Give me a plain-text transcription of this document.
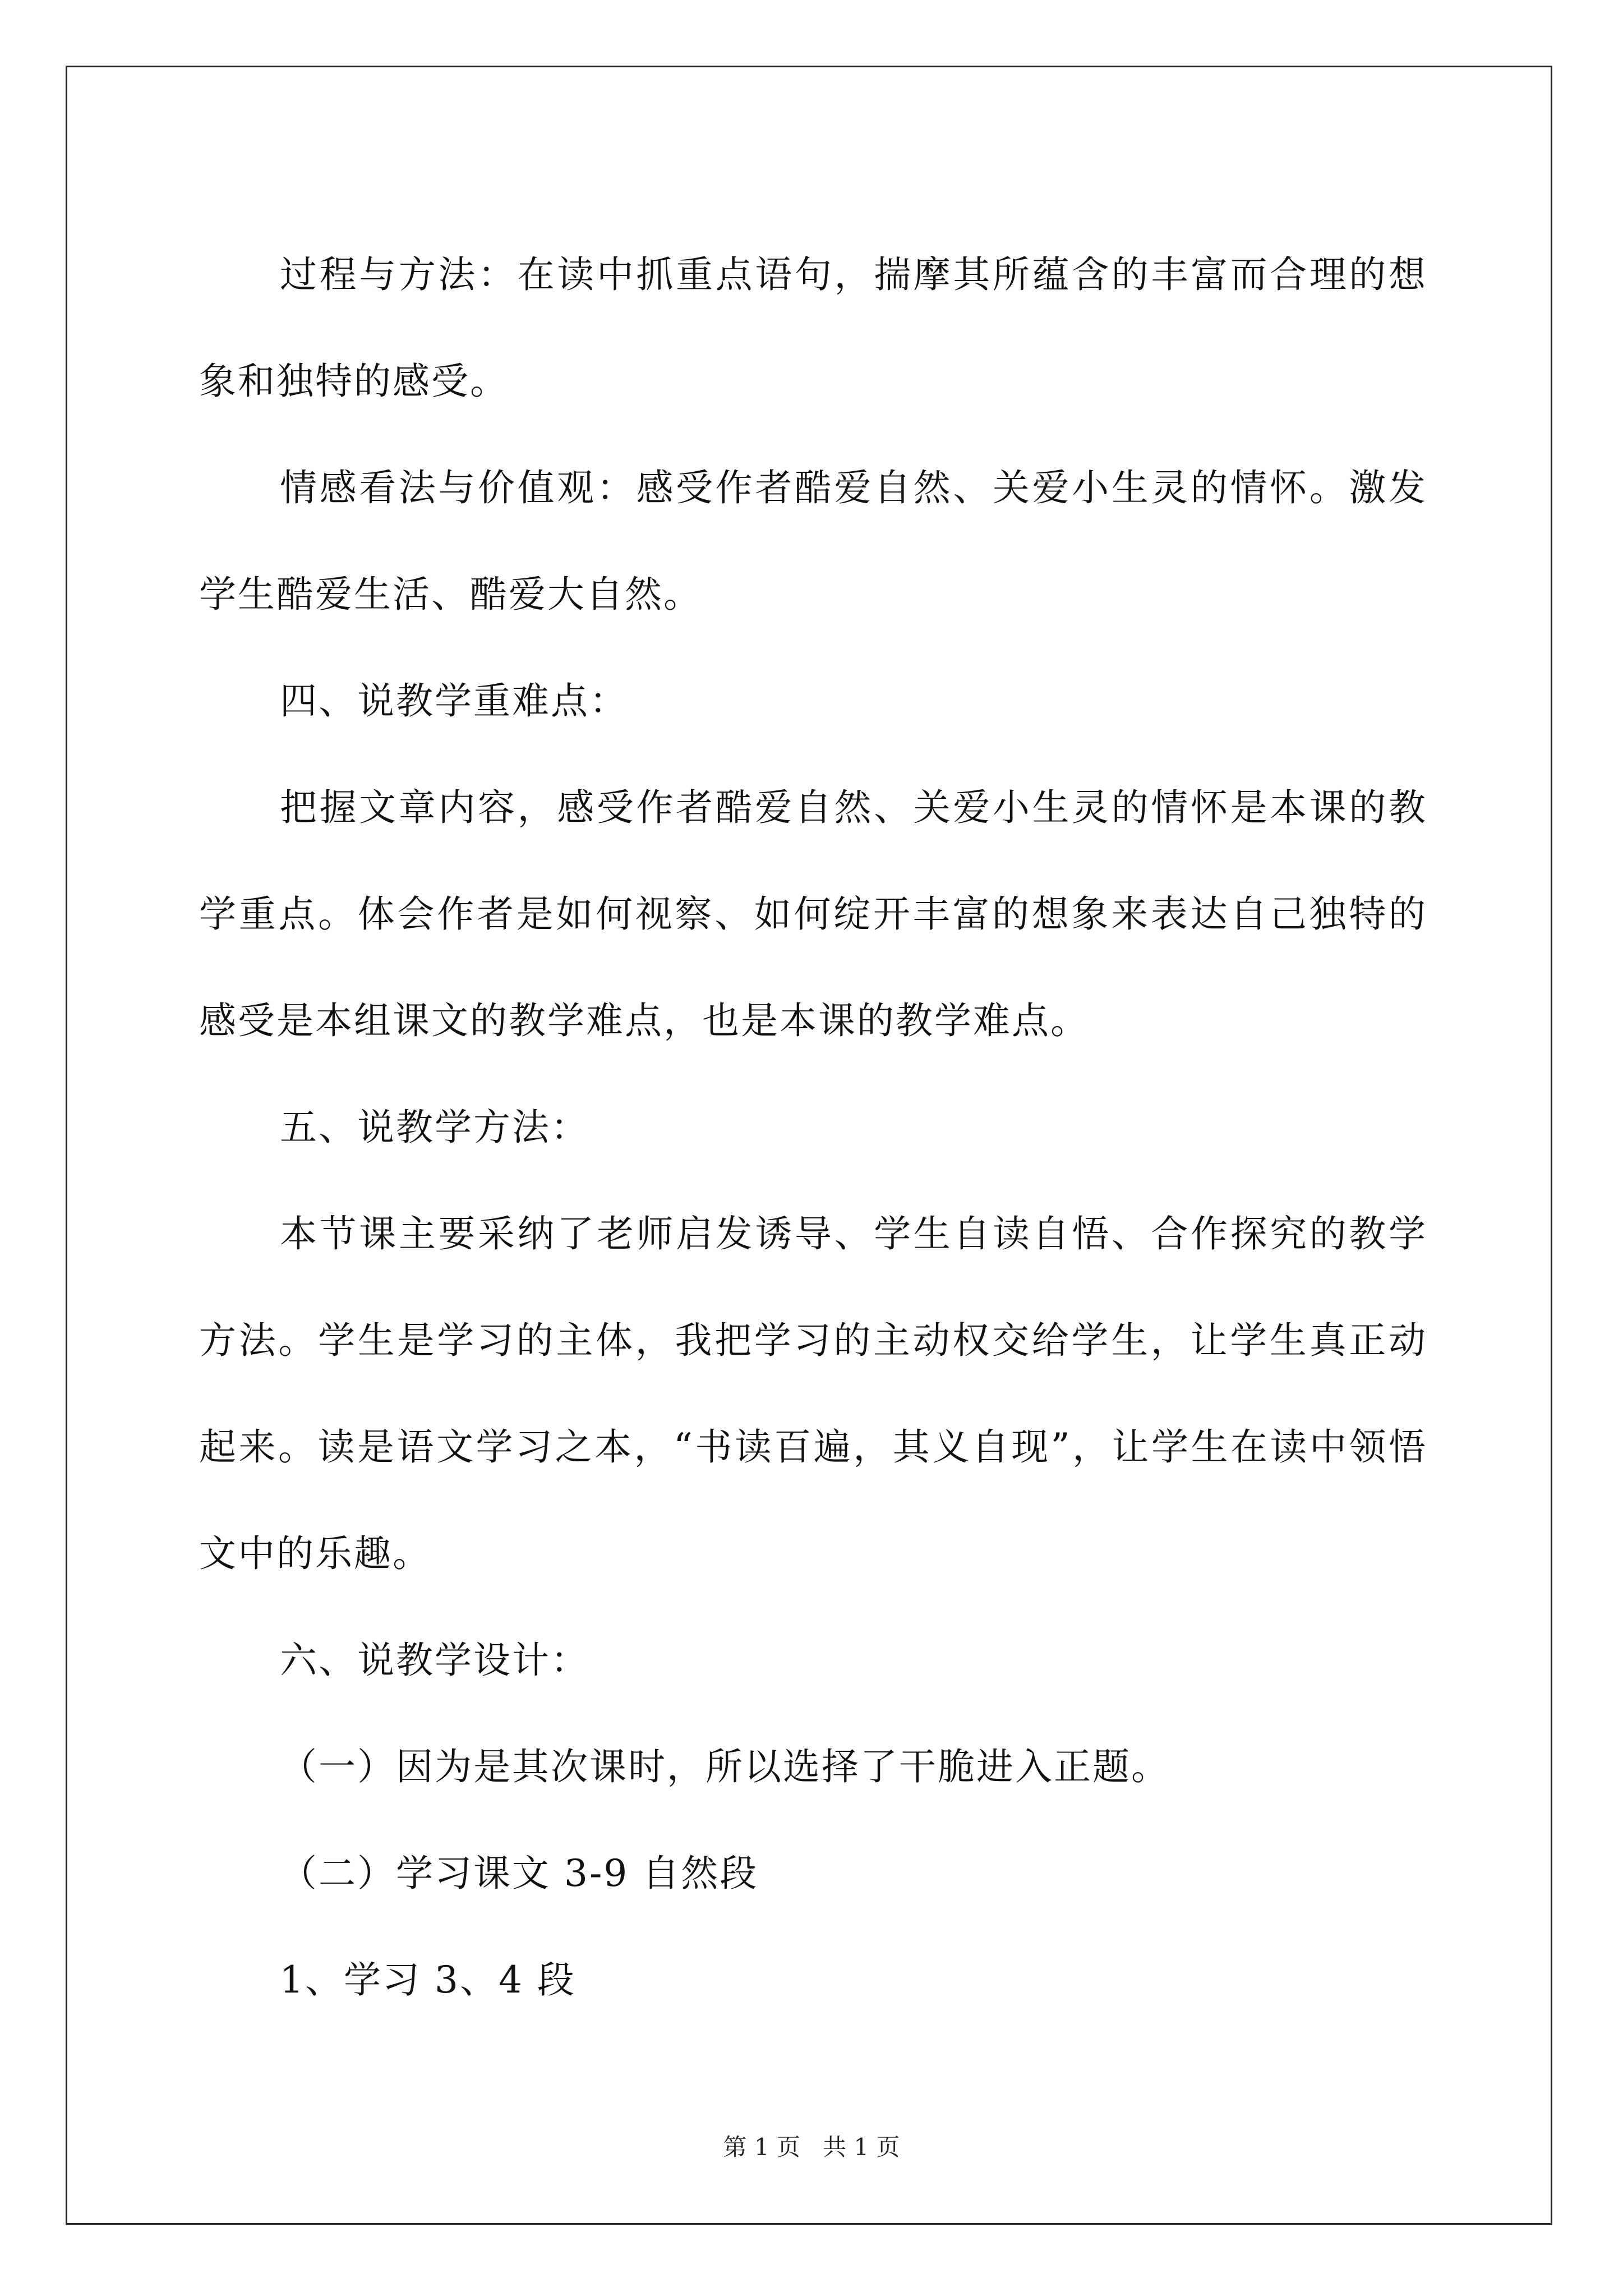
过程与方法：在读中抓重点语句，揣摩其所蕴含的丰富而合理的想象和独特的感受。

情感看法与价值观：感受作者酷爱自然、关爱小生灵的情怀。激发学生酷爱生活、酷爱大自然。

四、说教学重难点：

把握文章内容，感受作者酷爱自然、关爱小生灵的情怀是本课的教学重点。体会作者是如何视察、如何绽开丰富的想象来表达自己独特的感受是本组课文的教学难点，也是本课的教学难点。

五、说教学方法：

本节课主要采纳了老师启发诱导、学生自读自悟、合作探究的教学方法。学生是学习的主体，我把学习的主动权交给学生，让学生真正动起来。读是语文学习之本，“书读百遍，其义自现”，让学生在读中领悟文中的乐趣。

六、说教学设计：

（一）因为是其次课时，所以选择了干脆进入正题。

（二）学习课文 3-9 自然段

1、学习 3、4 段

第 1 页   共 1 页
